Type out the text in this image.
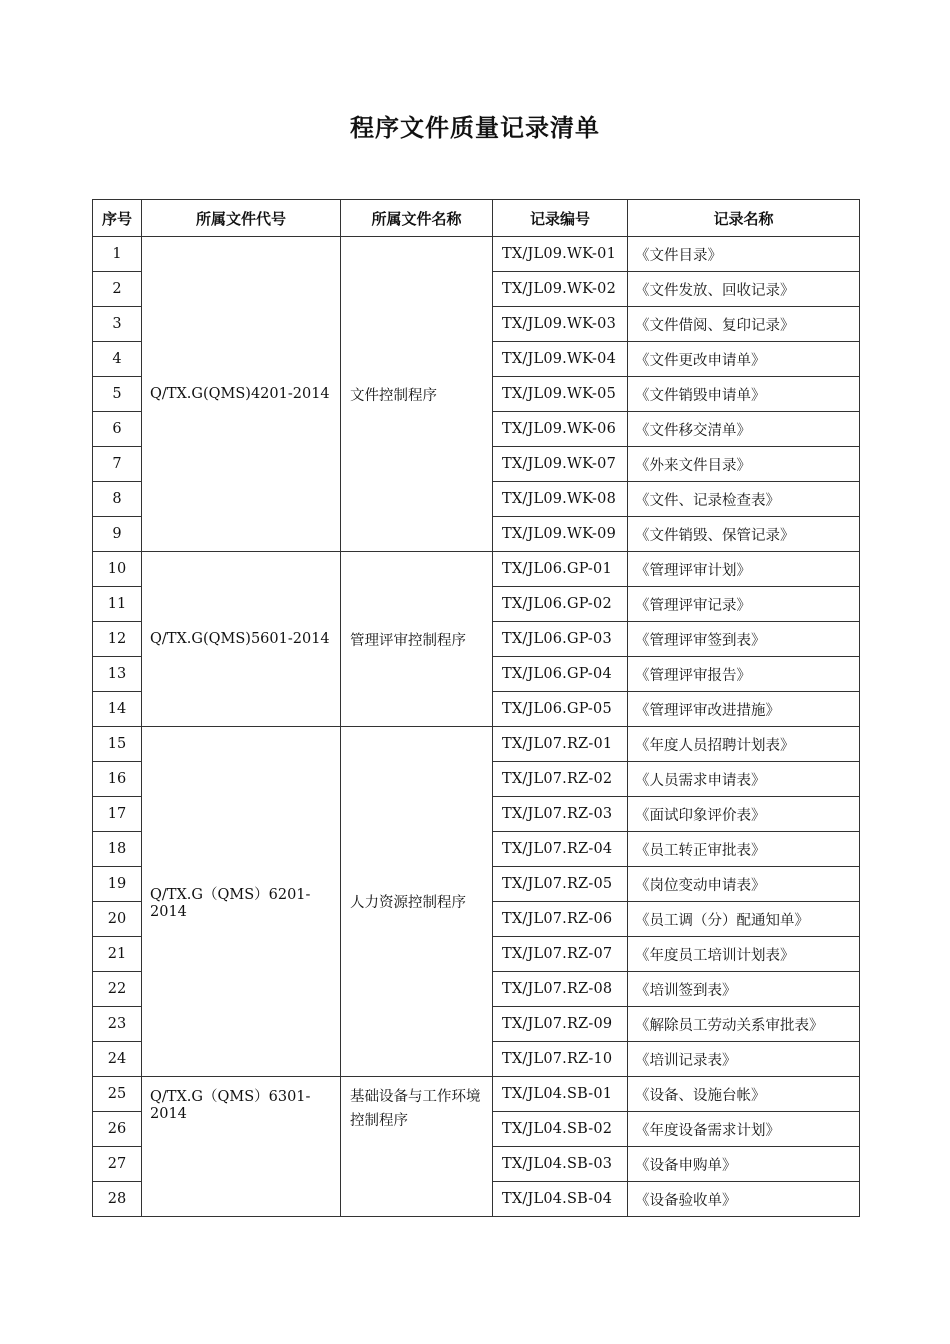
程序文件质量记录清单
序号	所属文件代号	所属文件名称	记录编号	记录名称
1	Q/TX.G(QMS)4201-2014	文件控制程序	TX/JL09.WK-01	《文件目录》
2			TX/JL09.WK-02	《文件发放、回收记录》
3			TX/JL09.WK-03	《文件借阅、复印记录》
4			TX/JL09.WK-04	《文件更改申请单》
5			TX/JL09.WK-05	《文件销毁申请单》
6			TX/JL09.WK-06	《文件移交清单》
7			TX/JL09.WK-07	《外来文件目录》
8			TX/JL09.WK-08	《文件、记录检查表》
9			TX/JL09.WK-09	《文件销毁、保管记录》
10	Q/TX.G(QMS)5601-2014	管理评审控制程序	TX/JL06.GP-01	《管理评审计划》
11			TX/JL06.GP-02	《管理评审记录》
12			TX/JL06.GP-03	《管理评审签到表》
13			TX/JL06.GP-04	《管理评审报告》
14			TX/JL06.GP-05	《管理评审改进措施》
15	Q/TX.G（QMS）6201-2014	人力资源控制程序	TX/JL07.RZ-01	《年度人员招聘计划表》
16			TX/JL07.RZ-02	《人员需求申请表》
17			TX/JL07.RZ-03	《面试印象评价表》
18			TX/JL07.RZ-04	《员工转正审批表》
19			TX/JL07.RZ-05	《岗位变动申请表》
20			TX/JL07.RZ-06	《员工调（分）配通知单》
21			TX/JL07.RZ-07	《年度员工培训计划表》
22			TX/JL07.RZ-08	《培训签到表》
23			TX/JL07.RZ-09	《解除员工劳动关系审批表》
24			TX/JL07.RZ-10	《培训记录表》
25	Q/TX.G（QMS）6301-2014	基础设备与工作环境控制程序	TX/JL04.SB-01	《设备、设施台帐》
26			TX/JL04.SB-02	《年度设备需求计划》
27			TX/JL04.SB-03	《设备申购单》
28			TX/JL04.SB-04	《设备验收单》
